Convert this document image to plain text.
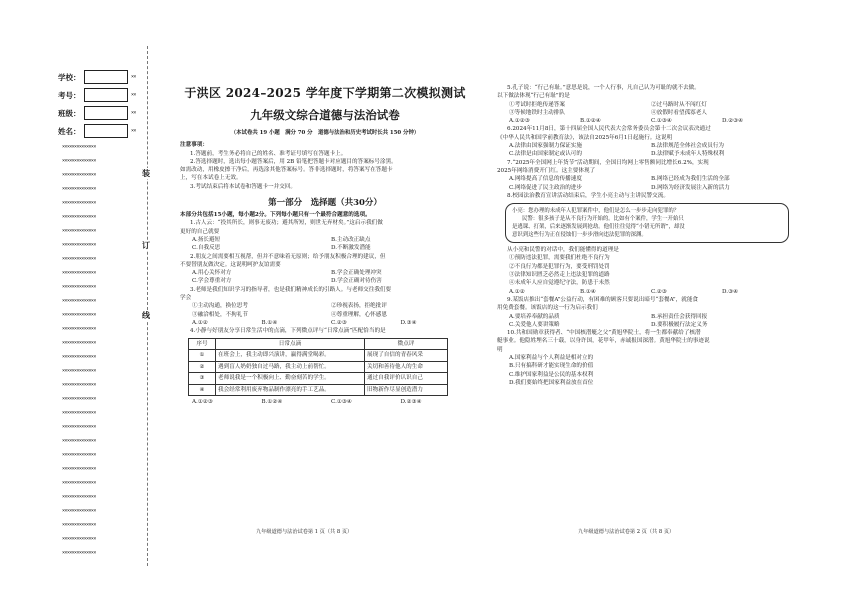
学校：	××
考号：	××
班级：	××
姓名：	××
××××××××××××××
××××××××××××××
××××××××××××××
××××××××××××××
××××××××××××××
××××××××××××××
××××××××××××××
××××××××××××××
××××××××××××××
××××××××××××××
××××××××××××××
××××××××××××××
××××××××××××××
××××××××××××××
××××××××××××××
××××××××××××××
××××××××××××××
××××××××××××××
××××××××××××××
××××××××××××××
××××××××××××××
××××××××××××××
××××××××××××××
××××××××××××××
××××××××××××××
××××××××××××××
××××××××××××××
××××××××××××××
××××××××××××××
××××××××××××××
装
订
线
于洪区 2024–2025 学年度下学期第二次模拟测试
九年级文综合道德与法治试卷
（本试卷共 19 小题　满分 70 分　道德与法治和历史考试时长共 150 分钟）
注意事项：
1.答题前，考生务必将自己的姓名、准考证号填写在答题卡上。
2.答选择题时，选出每小题答案后，用 2B 铅笔把答题卡对应题目的答案标号涂黑。
如需改动，用橡皮擦干净后，再选涂其他答案标号。答非选择题时，将答案写在答题卡
上，写在本试卷上无效。
3.考试结束后将本试卷和答题卡一并交回。
第一部分　选择题（共30分）
本部分共包括15小题，每小题2分。下列每小题只有一个最符合题意的选项。
1.古人云：“投其所长，则事无废功；避其所短，则世无弃材矣。”这启示我们做
更好的自己就要
A.扬长避短	B.主动改正缺点
C.自我反思	D.不断激发潜能
2.朋友之间需要相互视帮，但并不意味着无原则；给予朋友积极合理的建议，但
不要替朋友做决定。这说明呵护友谊需要
A.用心关怀对方	B.学会正确处理冲突
C.学会尊重对方	D.学会正确对待伤害
3.老师是我们知识学习的指导者，也是我们精神成长的引路人。与老师交往我们要
学会
①主动沟通，换位思考	②珍视表扬，拒绝批评
③融洽相处，不拘礼节	④尊重理解，心怀感恩
A.①②	B.①④	C.②③	D.③④
4.小静与好朋友分享日常生活中的点滴，下列微点评与“日常点滴”匹配恰当的是
序号	日常点滴	微点评
①	在班会上，我主动即兴演讲，赢得满堂喝彩。	展现了自信的青春风采
②	遇到盲人奶奶独自过马路，我主动上前帮忙。	关切和善待他人的生命
③	老师说我是一个积极向上、勤奋刻苦的学生。	通过自我评价认识自己
④	我会经常利用废弃物品制作漂亮的手工艺品。	旧物新作尽显创造潜力
A.①②③	B.①②④	C.①③④	D.②③④
九年级道德与法治试卷第 1 页（共 8 页）
5.孔子说：“行己有耻。”意思是说，一个人行事，凡自己认为可耻的就不去做。
以下做法体现“行己有耻”的是
①考试时拒绝传递答案	②过马路时从不闯红灯
③等候地铁时主动排队	④放假时看望孤寡老人
A.①②③	B.①②④	C.①③④	D.②③④
6.2024年11月8日，第十四届全国人民代表大会常务委员会第十二次会议表决通过
《中华人民共和国学前教育法》，该法自2025年6月1日起施行。这说明
A.法律由国家强制力保证实施	B.法律规范全体社会成员行为
C.法律是由国家制定或认可的	D.法律赋予未成年人特殊权利
7.“2025年全国网上年货节”活动期间，全国日均网上零售额同比增长6.2%，实现
2025年网络消费开门红。这主要体现了
A.网络提高了信息的传播速度	B.网络已经成为我们生活的全部
C.网络促进了民主政治的进步	D.网络为经济发展注入新的活力
8.校园法治教育宣讲活动结束后，学生小亮主动与主讲民警交流。
小亮：您办理的未成年人犯罪案件中，他们是怎么一步步走向犯罪的？
民警：很多孩子是从不良行为开始的。比如有个案件，学生一开始只
是逃课、打架，后来逐渐发展到抢劫。他们往往觉得“小错无所谓”，却没
意识到这些行为正在侵蚀们一步步滑向违法犯罪的深渊。
从小亮和民警的对话中，我们能懂得的道理是
①预防违法犯罪，需要我们杜绝不良行为
②不良行为都是犯罪行为，要受刑罚处罚
③法律知识匮乏必然走上违法犯罪的道路
④未成年人应自觉遵纪守法，防患于未然
A.①②	B.①④	C.②③	D.③④
9.某饭店推出“套餐A”公益行动，有困难的顾客只要说出暗号“套餐A”，就能食
用免费套餐。该饭店的这一行为启示我们
A.要培养奉献的品质	B.承担责任会获得回报
C.关爱他人要讲策略	D.要积极履行法定义务
10.共和国勋章获得者、“中国核潜艇之父”黄旭华院士，将一生都奉献给了核潜
艇事业。他隐姓埋名三十载，以身许国，花甲年，赤诚报国深潜。黄旭华院士的事迹说
明
A.国家利益与个人利益是相对立的
B.只有搞科研才能实现生命的价值
C.维护国家利益是公民的基本权利
D.我们要始终把国家利益放在首位
九年级道德与法治试卷第 2 页（共 8 页）
